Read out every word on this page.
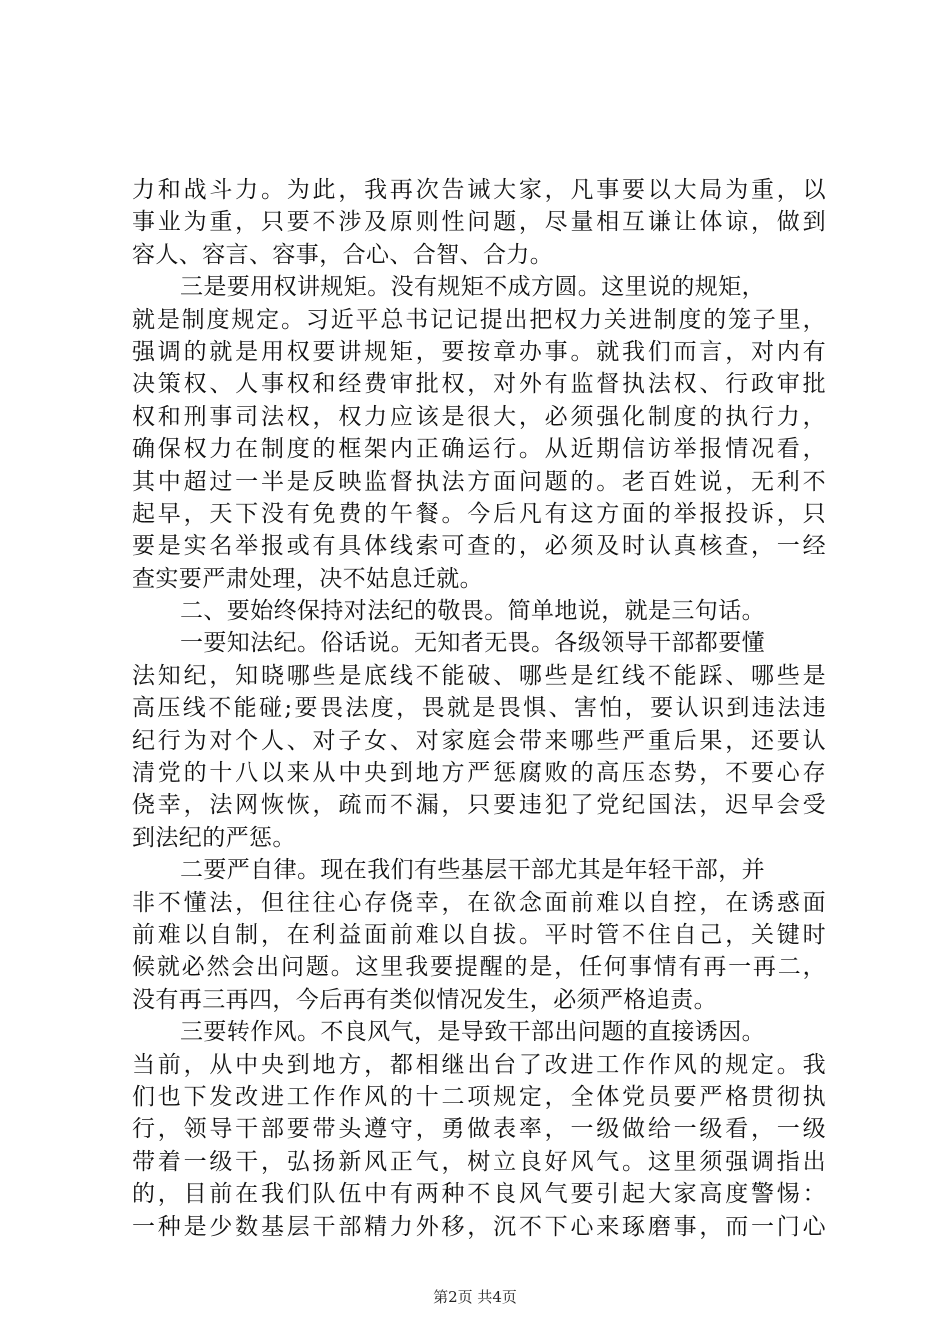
力和战斗力。为此，我再次告诫大家，凡事要以大局为重，以
事业为重，只要不涉及原则性问题，尽量相互谦让体谅，做到
容人、容言、容事，合心、合智、合力。
三是要用权讲规矩。没有规矩不成方圆。这里说的规矩，
就是制度规定。习近平总书记记提出把权力关进制度的笼子里，
强调的就是用权要讲规矩，要按章办事。就我们而言，对内有
决策权、人事权和经费审批权，对外有监督执法权、行政审批
权和刑事司法权，权力应该是很大，必须强化制度的执行力，
确保权力在制度的框架内正确运行。从近期信访举报情况看，
其中超过一半是反映监督执法方面问题的。老百姓说，无利不
起早，天下没有免费的午餐。今后凡有这方面的举报投诉，只
要是实名举报或有具体线索可查的，必须及时认真核查，一经
查实要严肃处理，决不姑息迁就。
二、要始终保持对法纪的敬畏。简单地说，就是三句话。
一要知法纪。俗话说。无知者无畏。各级领导干部都要懂
法知纪，知晓哪些是底线不能破、哪些是红线不能踩、哪些是
高压线不能碰;要畏法度，畏就是畏惧、害怕，要认识到违法违
纪行为对个人、对子女、对家庭会带来哪些严重后果，还要认
清党的十八以来从中央到地方严惩腐败的高压态势，不要心存
侥幸，法网恢恢，疏而不漏，只要违犯了党纪国法，迟早会受
到法纪的严惩。
二要严自律。现在我们有些基层干部尤其是年轻干部，并
非不懂法，但往往心存侥幸，在欲念面前难以自控，在诱惑面
前难以自制，在利益面前难以自拔。平时管不住自己，关键时
候就必然会出问题。这里我要提醒的是，任何事情有再一再二，
没有再三再四，今后再有类似情况发生，必须严格追责。
三要转作风。不良风气，是导致干部出问题的直接诱因。
当前，从中央到地方，都相继出台了改进工作作风的规定。我
们也下发改进工作作风的十二项规定，全体党员要严格贯彻执
行，领导干部要带头遵守，勇做表率，一级做给一级看，一级
带着一级干，弘扬新风正气，树立良好风气。这里须强调指出
的，目前在我们队伍中有两种不良风气要引起大家高度警惕：
一种是少数基层干部精力外移，沉不下心来琢磨事，而一门心
第2页 共4页
